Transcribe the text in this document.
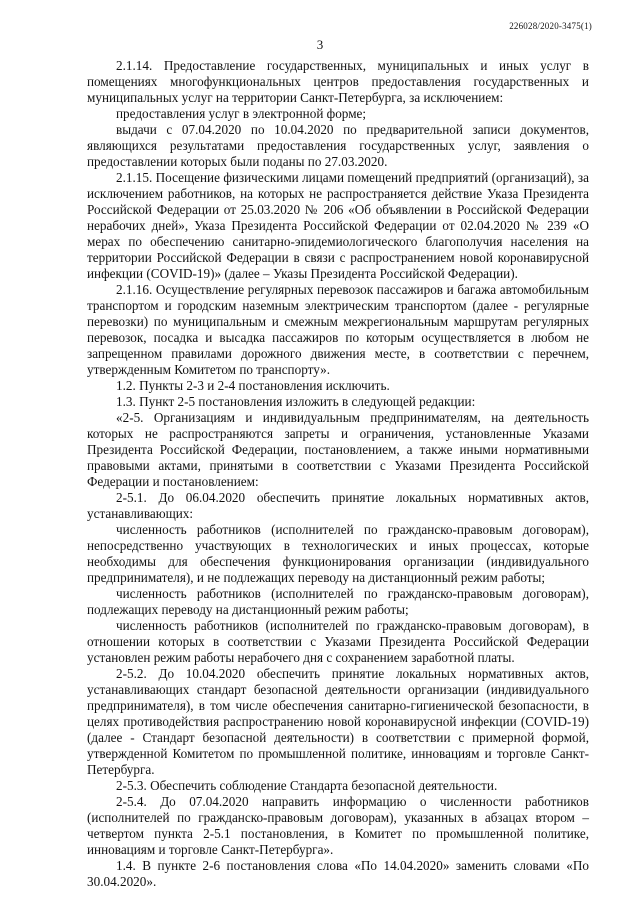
226028/2020-3475(1)
3

2.1.14. Предоставление государственных, муниципальных и иных услуг в помещениях многофункциональных центров предоставления государственных и муниципальных услуг на территории Санкт-Петербурга, за исключением:

предоставления услуг в электронной форме;

выдачи с 07.04.2020 по 10.04.2020 по предварительной записи документов, являющихся результатами предоставления государственных услуг, заявления о предоставлении которых были поданы по 27.03.2020.

2.1.15. Посещение физическими лицами помещений предприятий (организаций), за исключением работников, на которых не распространяется действие Указа Президента Российской Федерации от 25.03.2020 № 206 «Об объявлении в Российской Федерации нерабочих дней», Указа Президента Российской Федерации от 02.04.2020 № 239 «О мерах по обеспечению санитарно-эпидемиологического благополучия населения на территории Российской Федерации в связи с распространением новой коронавирусной инфекции (COVID-19)» (далее – Указы Президента Российской Федерации).

2.1.16. Осуществление регулярных перевозок пассажиров и багажа автомобильным транспортом и городским наземным электрическим транспортом (далее - регулярные перевозки) по муниципальным и смежным межрегиональным маршрутам регулярных перевозок, посадка и высадка пассажиров по которым осуществляется в любом не запрещенном правилами дорожного движения месте, в соответствии с перечнем, утвержденным Комитетом по транспорту».

1.2. Пункты 2-3 и 2-4 постановления исключить.

1.3. Пункт 2-5 постановления изложить в следующей редакции:

«2-5. Организациям и индивидуальным предпринимателям, на деятельность которых не распространяются запреты и ограничения, установленные Указами Президента Российской Федерации, постановлением, а также иными нормативными правовыми актами, принятыми в соответствии с Указами Президента Российской Федерации и постановлением:

2-5.1. До 06.04.2020 обеспечить принятие локальных нормативных актов, устанавливающих:

численность работников (исполнителей по гражданско-правовым договорам), непосредственно участвующих в технологических и иных процессах, которые необходимы для обеспечения функционирования организации (индивидуального предпринимателя), и не подлежащих переводу на дистанционный режим работы;

численность работников (исполнителей по гражданско-правовым договорам), подлежащих переводу на дистанционный режим работы;

численность работников (исполнителей по гражданско-правовым договорам), в отношении которых в соответствии с Указами Президента Российской Федерации установлен режим работы нерабочего дня с сохранением заработной платы.

2-5.2. До 10.04.2020 обеспечить принятие локальных нормативных актов, устанавливающих стандарт безопасной деятельности организации (индивидуального предпринимателя), в том числе обеспечения санитарно-гигиенической безопасности, в целях противодействия распространению новой коронавирусной инфекции (COVID-19) (далее - Стандарт безопасной деятельности) в соответствии с примерной формой, утвержденной Комитетом по промышленной политике, инновациям и торговле Санкт-Петербурга.

2-5.3. Обеспечить соблюдение Стандарта безопасной деятельности.

2-5.4. До 07.04.2020 направить информацию о численности работников (исполнителей по гражданско-правовым договорам), указанных в абзацах втором – четвертом пункта 2-5.1 постановления, в Комитет по промышленной политике, инновациям и торговле Санкт-Петербурга».

1.4. В пункте 2-6 постановления слова «По 14.04.2020» заменить словами «По 30.04.2020».
